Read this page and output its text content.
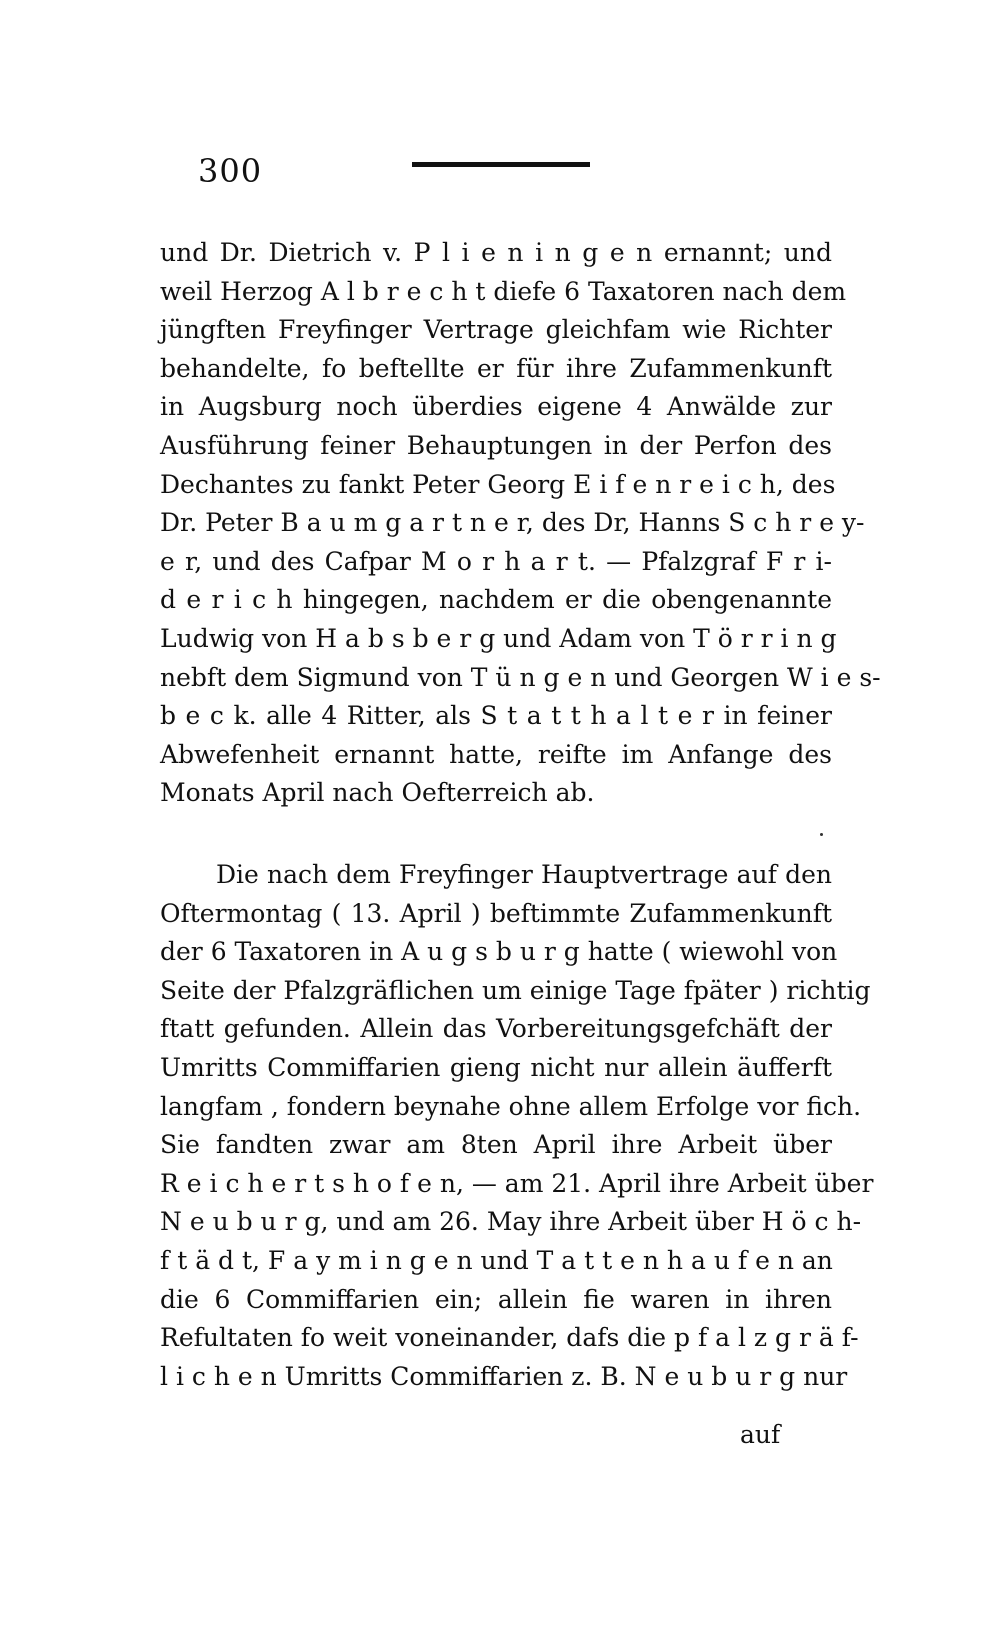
300
und Dr. Dietrich v. P l i e n i n g e n ernannt; und
weil Herzog A l b r e c h t diefe 6 Taxatoren nach dem
jüngften Freyfinger Vertrage gleichfam wie Richter
behandelte, fo beftellte er für ihre Zufammenkunft
in Augsburg noch überdies eigene 4 Anwälde zur
Ausführung feiner Behauptungen in der Perfon des
Dechantes zu fankt Peter Georg E i f e n r e i c h, des
Dr. Peter B a u m g a r t n e r, des Dr, Hanns S c h r e y-
e r, und des Cafpar M o r h a r t. — Pfalzgraf F r i-
d e r i c h hingegen, nachdem er die obengenannte
Ludwig von H a b s b e r g und Adam von T ö r r i n g
nebft dem Sigmund von T ü n g e n und Georgen W i e s-
b e c k. alle 4 Ritter, als S t a t t h a l t e r in feiner
Abwefenheit ernannt hatte, reifte im Anfange des
Monats April nach Oefterreich ab.
Die nach dem Freyfinger Hauptvertrage auf den
Oftermontag ( 13. April ) beftimmte Zufammenkunft
der 6 Taxatoren in A u g s b u r g hatte ( wiewohl von
Seite der Pfalzgräflichen um einige Tage fpäter ) richtig
ftatt gefunden. Allein das Vorbereitungsgefchäft der
Umritts Commiffarien gieng nicht nur allein äufferft
langfam , fondern beynahe ohne allem Erfolge vor fich.
Sie fandten zwar am 8ten April ihre Arbeit über
R e i c h e r t s h o f e n, — am 21. April ihre Arbeit über
N e u b u r g, und am 26. May ihre Arbeit über H ö c h-
f t ä d t, F a y m i n g e n und T a t t e n h a u f e n an
die 6 Commiffarien ein; allein fie waren in ihren
Refultaten fo weit voneinander, dafs die p f a l z g r ä f-
l i c h e n Umritts Commiffarien z. B. N e u b u r g nur
auf
